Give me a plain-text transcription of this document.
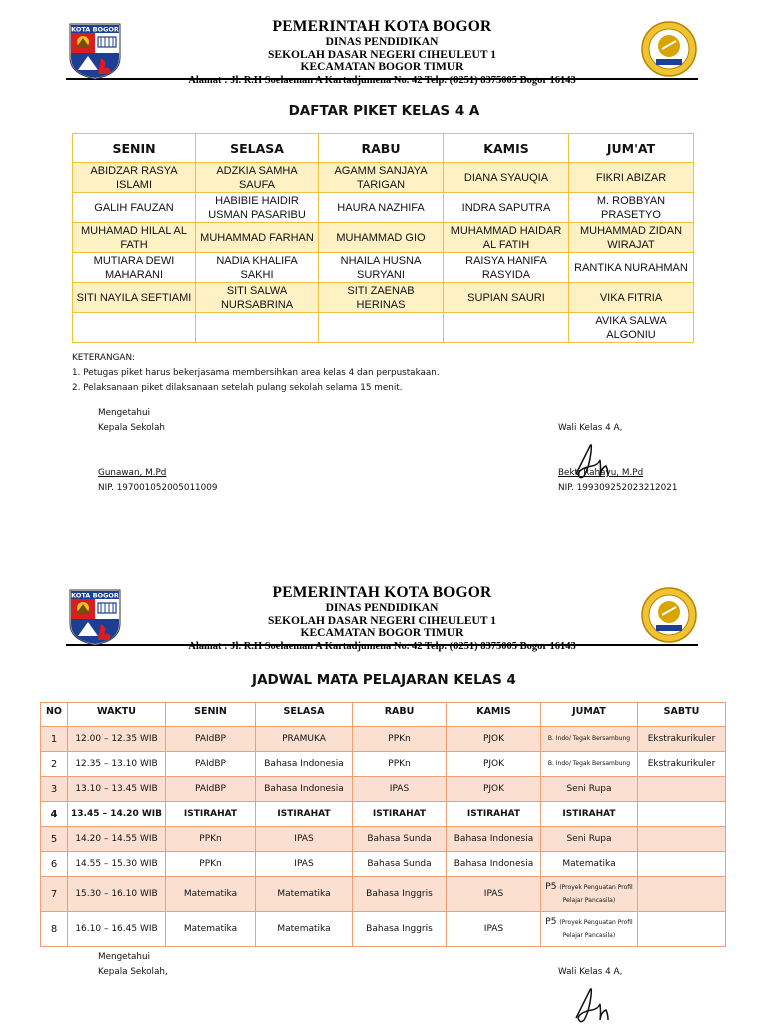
KOTA BOGOR	PEMERINTAH KOTA BOGOR
DINAS PENDIDIKAN
SEKOLAH DASAR NEGERI CIHEULEUT 1
KECAMATAN BOGOR TIMUR
Alamat : Jl. R.H Soelaeman A Kartadjumena No. 42 Telp. (0251) 8375005 Bogor 16143
DAFTAR PIKET KELAS 4 A
SENIN	SELASA	RABU	KAMIS	JUM'AT
ABIDZAR RASYA ISLAMI	ADZKIA SAMHA SAUFA	AGAMM SANJAYA TARIGAN	DIANA SYAUQIA	FIKRI ABIZAR
GALIH FAUZAN	HABIBIE HAIDIR USMAN PASARIBU	HAURA NAZHIFA	INDRA SAPUTRA	M. ROBBYAN PRASETYO
MUHAMAD HILAL AL FATH	MUHAMMAD FARHAN	MUHAMMAD GIO	MUHAMMAD HAIDAR AL FATIH	MUHAMMAD ZIDAN WIRAJAT
MUTIARA DEWI MAHARANI	NADIA KHALIFA SAKHI	NHAILA HUSNA SURYANI	RAISYA HANIFA RASYIDA	RANTIKA NURAHMAN
SITI NAYILA SEFTIAMI	SITI SALWA NURSABRINA	SITI ZAENAB HERINAS	SUPIAN SAURI	VIKA FITRIA
				AVIKA SALWA ALGONIU
KETERANGAN:
1. Petugas piket harus bekerjasama membersihkan area kelas 4 dan perpustakaan.
2. Pelaksanaan piket dilaksanaan setelah pulang sekolah selama 15 menit.
Mengetahui
Kepala Sekolah
Gunawan, M.Pd
NIP. 197001052005011009
Wali Kelas 4 A,
Bekti Rahayu, M.Pd
NIP. 199309252023212021
KOTA BOGOR	PEMERINTAH KOTA BOGOR
DINAS PENDIDIKAN
SEKOLAH DASAR NEGERI CIHEULEUT 1
KECAMATAN BOGOR TIMUR
Alamat : Jl. R.H Soelaeman A Kartadjumena No. 42 Telp. (0251) 8375005 Bogor 16143
JADWAL MATA PELAJARAN KELAS 4
NO	WAKTU	SENIN	SELASA	RABU	KAMIS	JUMAT	SABTU
1	12.00 – 12.35 WIB	PAIdBP	PRAMUKA	PPKn	PJOK	B. Indo/ Tegak Bersambung	Ekstrakurikuler
2	12.35 – 13.10 WIB	PAIdBP	Bahasa Indonesia	PPKn	PJOK	B. Indo/ Tegak Bersambung	Ekstrakurikuler
3	13.10 – 13.45 WIB	PAIdBP	Bahasa Indonesia	IPAS	PJOK	Seni Rupa	
4	13.45 – 14.20 WIB	ISTIRAHAT	ISTIRAHAT	ISTIRAHAT	ISTIRAHAT	ISTIRAHAT	
5	14.20 – 14.55 WIB	PPKn	IPAS	Bahasa Sunda	Bahasa Indonesia	Seni Rupa	
6	14.55 – 15.30 WIB	PPKn	IPAS	Bahasa Sunda	Bahasa Indonesia	Matematika	
7	15.30 – 16.10 WIB	Matematika	Matematika	Bahasa Inggris	IPAS	P5 (Proyek Penguatan Profil Pelajar Pancasila)	
8	16.10 – 16.45 WIB	Matematika	Matematika	Bahasa Inggris	IPAS	P5 (Proyek Penguatan Profil Pelajar Pancasila)	
Mengetahui
Kepala Sekolah,	Wali Kelas 4 A,
